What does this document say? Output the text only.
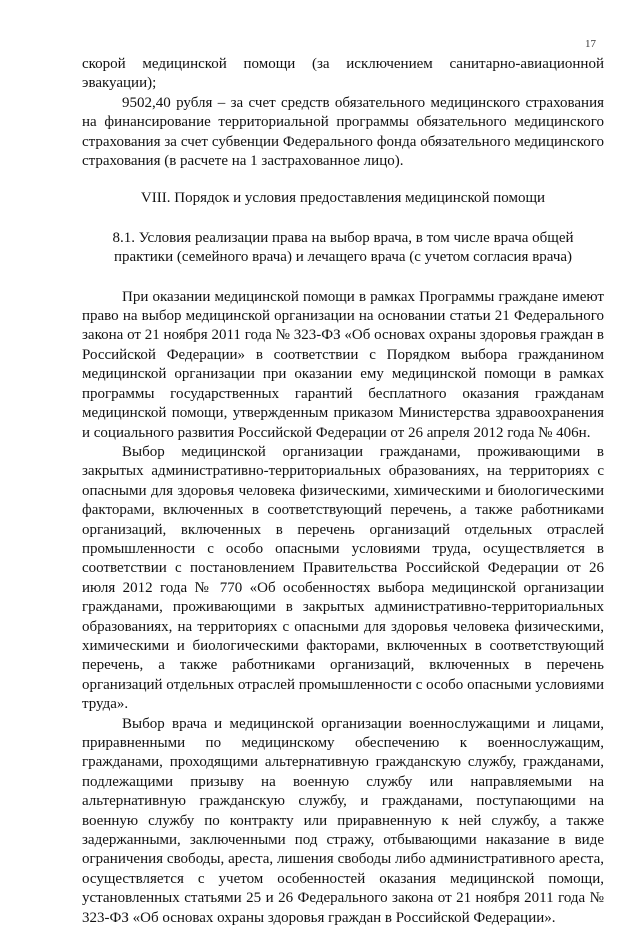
17

скорой медицинской помощи (за исключением санитарно-авиационной эвакуации);

9502,40 рубля – за счет средств обязательного медицинского страхования на финансирование территориальной программы обязательного медицинского страхования за счет субвенции Федерального фонда обязательного медицинского страхования (в расчете на 1 застрахованное лицо).

VIII. Порядок и условия предоставления медицинской помощи

8.1. Условия реализации права на выбор врача, в том числе врача общей практики (семейного врача) и лечащего врача (с учетом согласия врача)

При оказании медицинской помощи в рамках Программы граждане имеют право на выбор медицинской организации на основании статьи 21 Федерального закона от 21 ноября 2011 года № 323-ФЗ «Об основах охраны здоровья граждан в Российской Федерации» в соответствии с Порядком выбора гражданином медицинской организации при оказании ему медицинской помощи в рамках программы государственных гарантий бесплатного оказания гражданам медицинской помощи, утвержденным приказом Министерства здравоохранения и социального развития Российской Федерации от 26 апреля 2012 года № 406н.

Выбор медицинской организации гражданами, проживающими в закрытых административно-территориальных образованиях, на территориях с опасными для здоровья человека физическими, химическими и биологическими факторами, включенных в соответствующий перечень, а также работниками организаций, включенных в перечень организаций отдельных отраслей промышленности с особо опасными условиями труда, осуществляется в соответствии с постановлением Правительства Российской Федерации от 26 июля 2012 года № 770 «Об особенностях выбора медицинской организации гражданами, проживающими в закрытых административно-территориальных образованиях, на территориях с опасными для здоровья человека физическими, химическими и биологическими факторами, включенных в соответствующий перечень, а также работниками организаций, включенных в перечень организаций отдельных отраслей промышленности с особо опасными условиями труда».

Выбор врача и медицинской организации военнослужащими и лицами, приравненными по медицинскому обеспечению к военнослужащим, гражданами, проходящими альтернативную гражданскую службу, гражданами, подлежащими призыву на военную службу или направляемыми на альтернативную гражданскую службу, и гражданами, поступающими на военную службу по контракту или приравненную к ней службу, а также задержанными, заключенными под стражу, отбывающими наказание в виде ограничения свободы, ареста, лишения свободы либо административного ареста, осуществляется с учетом особенностей оказания медицинской помощи, установленных статьями 25 и 26 Федерального закона от 21 ноября 2011 года № 323-ФЗ «Об основах охраны здоровья граждан в Российской Федерации».
